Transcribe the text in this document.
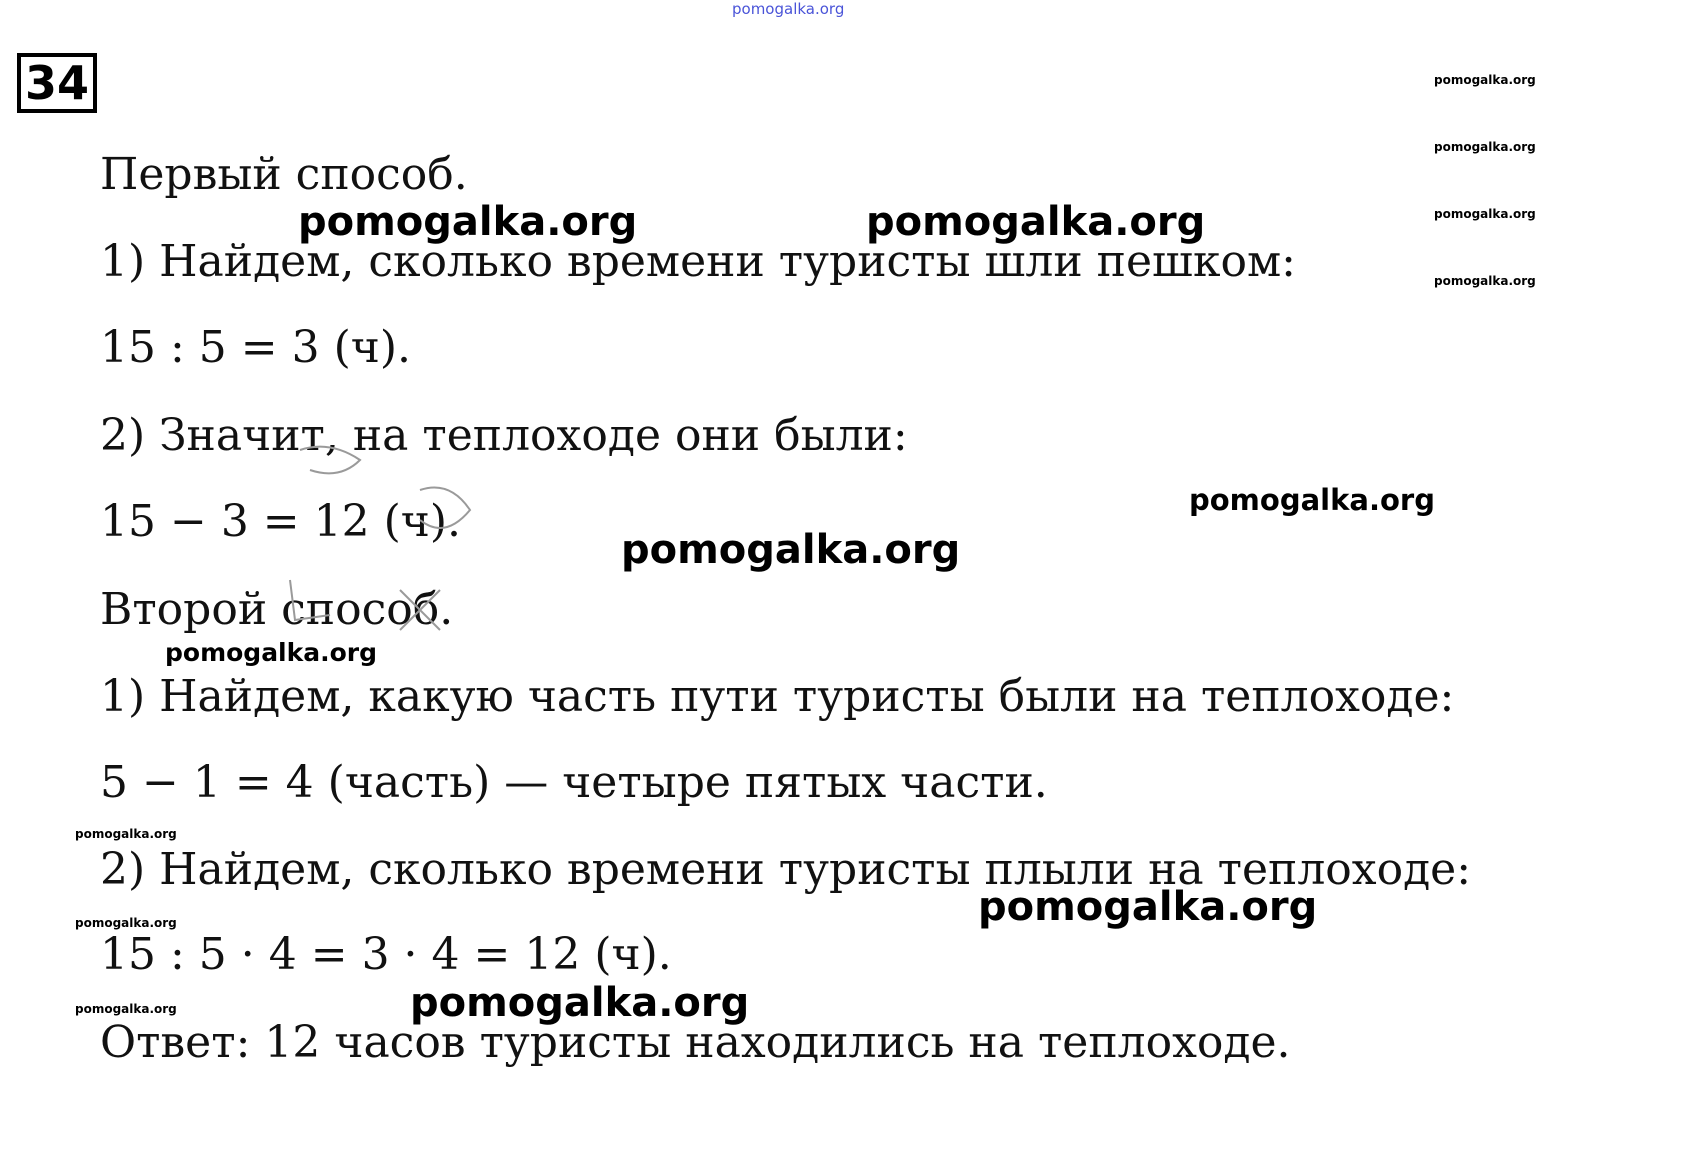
pomogalka.org
34	pomogalka.org
pomogalka.org
pomogalka.org
pomogalka.org
Первый способ.
1) Найдем, сколько времени туристы шли пешком:
15 : 5 = 3 (ч).
2) Значит, на теплоходе они были:
15 − 3 = 12 (ч).
Второй способ.
1) Найдем, какую часть пути туристы были на теплоходе:
5 − 1 = 4 (часть) — четыре пятых части.
2) Найдем, сколько времени туристы плыли на теплоходе:
15 : 5 · 4 = 3 · 4 = 12 (ч).
Ответ: 12 часов туристы находились на теплоходе.
pomogalka.org	pomogalka.org
pomogalka.org
pomogalka.org
pomogalka.org
pomogalka.org
pomogalka.org
pomogalka.org
pomogalka.org
pomogalka.org
